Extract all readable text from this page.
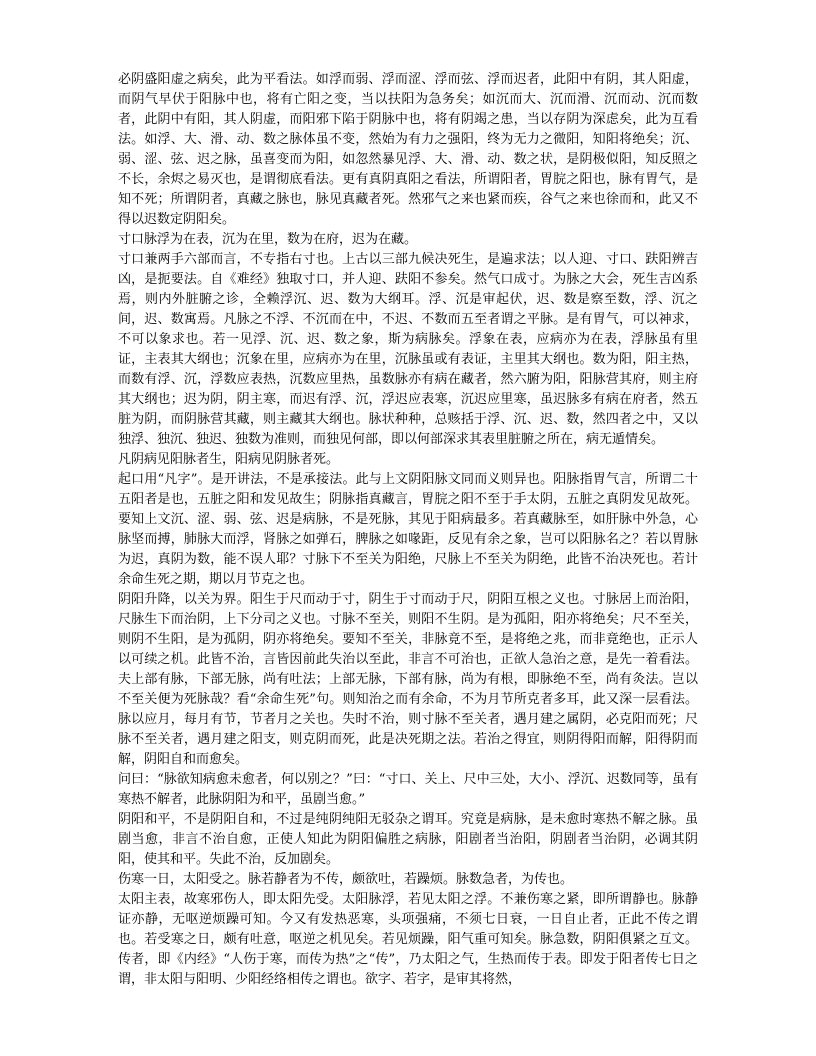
必阴盛阳虚之病矣，此为平看法。如浮而弱、浮而涩、浮而弦、浮而迟者，此阳中有阴，其人阳虚，而阴气早伏于阳脉中也，将有亡阳之变，当以扶阳为急务矣；如沉而大、沉而滑、沉而动、沉而数者，此阴中有阳，其人阴虚，而阳邪下陷于阴脉中也，将有阴竭之患，当以存阴为深虑矣，此为互看法。如浮、大、滑、动、数之脉体虽不变，然始为有力之强阳，终为无力之微阳，知阳将绝矣；沉、弱、涩、弦、迟之脉，虽喜变而为阳，如忽然暴见浮、大、滑、动、数之状，是阴极似阳，知反照之不长，余烬之易灭也，是谓彻底看法。更有真阴真阳之看法，所谓阳者，胃脘之阳也，脉有胃气，是知不死；所谓阴者，真藏之脉也，脉见真藏者死。然邪气之来也紧而疾，谷气之来也徐而和，此又不得以迟数定阴阳矣。

寸口脉浮为在表，沉为在里，数为在府，迟为在藏。

寸口兼两手六部而言，不专指右寸也。上古以三部九候决死生，是遍求法；以人迎、寸口、趺阳辨吉凶，是扼要法。自《难经》独取寸口，并人迎、趺阳不参矣。然气口成寸。为脉之大会，死生吉凶系焉，则内外脏腑之诊，全赖浮沉、迟、数为大纲耳。浮、沉是审起伏，迟、数是察至数，浮、沉之间，迟、数寓焉。凡脉之不浮、不沉而在中，不迟、不数而五至者谓之平脉。是有胃气，可以神求，不可以象求也。若一见浮、沉、迟、数之象，斯为病脉矣。浮象在表，应病亦为在表，浮脉虽有里证，主表其大纲也；沉象在里，应病亦为在里，沉脉虽或有表证，主里其大纲也。数为阳，阳主热，而数有浮、沉，浮数应表热，沉数应里热，虽数脉亦有病在藏者，然六腑为阳，阳脉营其府，则主府其大纲也；迟为阴，阴主寒，而迟有浮、沉，浮迟应表寒，沉迟应里寒，虽迟脉多有病在府者，然五脏为阴，而阴脉营其藏，则主藏其大纲也。脉状种种，总赅括于浮、沉、迟、数，然四者之中，又以独浮、独沉、独迟、独数为准则，而独见何部，即以何部深求其表里脏腑之所在，病无遁情矣。

凡阴病见阳脉者生，阳病见阴脉者死。

起口用“凡字”。是开讲法，不是承接法。此与上文阴阳脉文同而义则异也。阳脉指胃气言，所谓二十五阳者是也，五脏之阳和发见故生；阴脉指真藏言，胃脘之阳不至于手太阴，五脏之真阴发见故死。要知上文沉、涩、弱、弦、迟是病脉，不是死脉，其见于阳病最多。若真藏脉至，如肝脉中外急，心脉坚而搏，肺脉大而浮，肾脉之如弹石，脾脉之如喙距，反见有余之象，岂可以阳脉名之？若以胃脉为迟，真阴为数，能不误人耶？寸脉下不至关为阳绝，尺脉上不至关为阴绝，此皆不治决死也。若计余命生死之期，期以月节克之也。

阴阳升降，以关为界。阳生于尺而动于寸，阴生于寸而动于尺，阴阳互根之义也。寸脉居上而治阳，尺脉生下而治阴，上下分司之义也。寸脉不至关，则阳不生阴。是为孤阳，阳亦将绝矣；尺不至关，则阴不生阳，是为孤阴，阴亦将绝矣。要知不至关，非脉竟不至，是将绝之兆，而非竟绝也，正示人以可续之机。此皆不治，言皆因前此失治以至此，非言不可治也，正欲人急治之意，是先一着看法。夫上部有脉，下部无脉，尚有吐法；上部无脉，下部有脉，尚为有根，即脉绝不至，尚有灸法。岂以不至关便为死脉哉？看“余命生死”句。则知治之而有余命，不为月节所克者多耳，此又深一层看法。脉以应月，每月有节，节者月之关也。失时不治，则寸脉不至关者，遇月建之属阴，必克阳而死；尺脉不至关者，遇月建之阳支，则克阴而死，此是决死期之法。若治之得宜，则阴得阳而解，阳得阴而解，阴阳自和而愈矣。

问曰：“脉欲知病愈未愈者，何以别之？”曰：“寸口、关上、尺中三处，大小、浮沉、迟数同等，虽有寒热不解者，此脉阴阳为和平，虽剧当愈。”

阴阳和平，不是阴阳自和，不过是纯阴纯阳无驳杂之谓耳。究竟是病脉，是未愈时寒热不解之脉。虽剧当愈，非言不治自愈，正使人知此为阴阳偏胜之病脉，阳剧者当治阳，阴剧者当治阴，必调其阴阳，使其和平。失此不治，反加剧矣。

伤寒一日，太阳受之。脉若静者为不传，颇欲吐，若躁烦。脉数急者，为传也。

太阳主表，故寒邪伤人，即太阳先受。太阳脉浮，若见太阳之浮。不兼伤寒之紧，即所谓静也。脉静证亦静，无呕逆烦躁可知。今又有发热恶寒，头项强痛，不须七日衰，一日自止者，正此不传之谓也。若受寒之日，颇有吐意，呕逆之机见矣。若见烦躁，阳气重可知矣。脉急数，阴阳俱紧之互文。传者，即《内经》“人伤于寒，而传为热”之“传”，乃太阳之气，生热而传于表。即发于阳者传七日之谓，非太阳与阳明、少阳经络相传之谓也。欲字、若字，是审其将然，
